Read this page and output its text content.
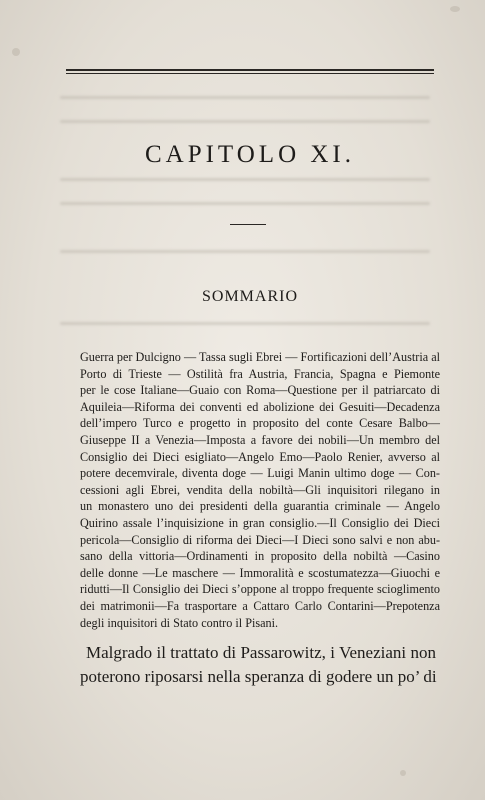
CAPITOLO XI.
SOMMARIO
Guerra per Dulcigno — Tassa sugli Ebrei — Fortificazioni dell’Austria al
Porto di Trieste — Ostilità fra Austria, Francia, Spagna e Piemonte
per le cose Italiane—Guaio con Roma—Questione per il patriarcato di
Aquileia—Riforma dei conventi ed abolizione dei Gesuiti—Decadenza
dell’impero Turco e progetto in proposito del conte Cesare Balbo—
Giuseppe II a Venezia—Imposta a favore dei nobili—Un membro del
Consiglio dei Dieci esigliato—Angelo Emo—Paolo Renier, avverso al
potere decemvirale, diventa doge — Luigi Manin ultimo doge — Con-
cessioni agli Ebrei, vendita della nobiltà—Gli inquisitori rilegano in
un monastero uno dei presidenti della guarantia criminale — Angelo
Quirino assale l’inquisizione in gran consiglio.—Il Consiglio dei Dieci
pericola—Consiglio di riforma dei Dieci—I Dieci sono salvi e non abu-
sano della vittoria—Ordinamenti in proposito della nobiltà —Casino
delle donne —Le maschere — Immoralità e scostumatezza—Giuochi e
ridutti—Il Consiglio dei Dieci s’oppone al troppo frequente scioglimento
dei matrimonii—Fa trasportare a Cattaro Carlo Contarini—Prepotenza
degli inquisitori di Stato contro il Pisani.
Malgrado il trattato di Passarowitz, i Veneziani non
poterono riposarsi nella speranza di godere un po’ di
